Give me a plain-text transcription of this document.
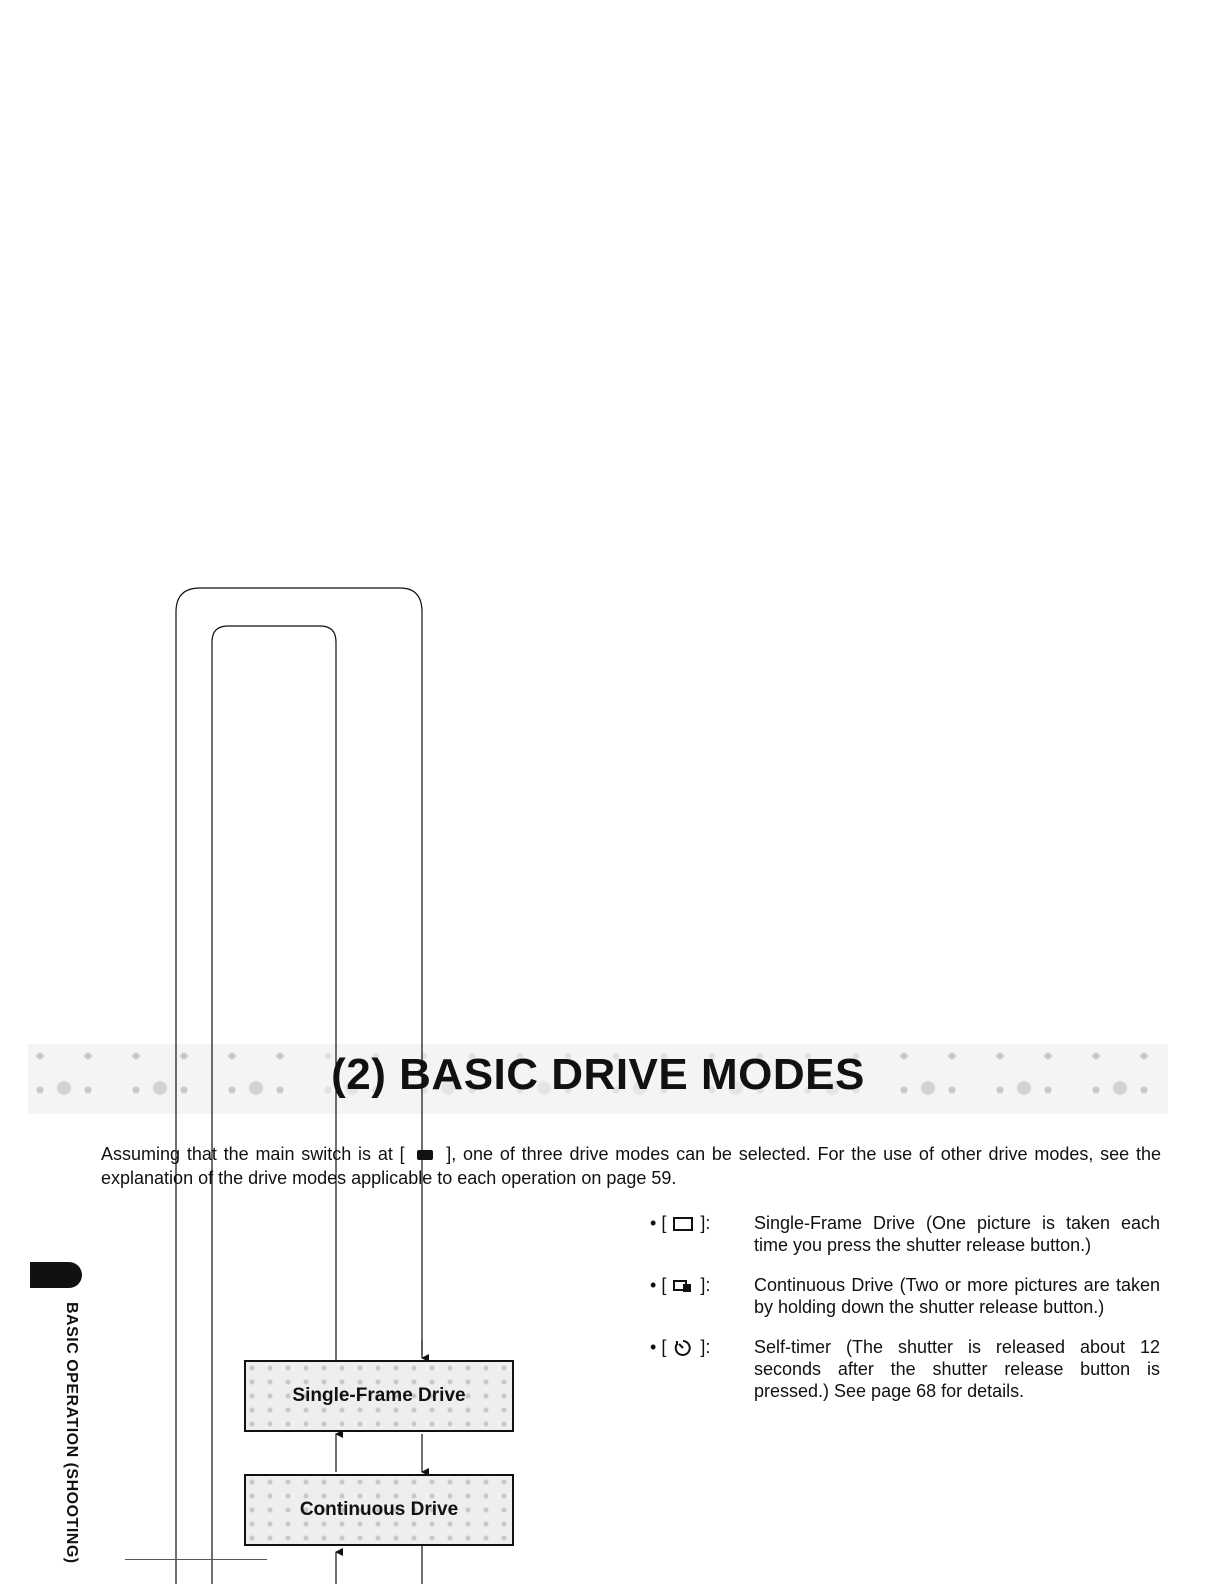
(2) BASIC DRIVE MODES
Assuming that the main switch is at [ ], one of three drive modes can be selected. For the use of other drive modes, see the explanation of the drive modes applicable to each operation on page 59.
BASIC OPERATION (SHOOTING)
• [  ]:	Single-Frame Drive (One picture is taken each time you press the shutter release button.)
• [  ]:	Continuous Drive (Two or more pictures are taken by holding down the shutter release button.)
• [  ]:	Self-timer (The shutter is released about 12 seconds after the shutter release button is pressed.) See page 68 for details.
Single-Frame Drive
Continuous Drive
